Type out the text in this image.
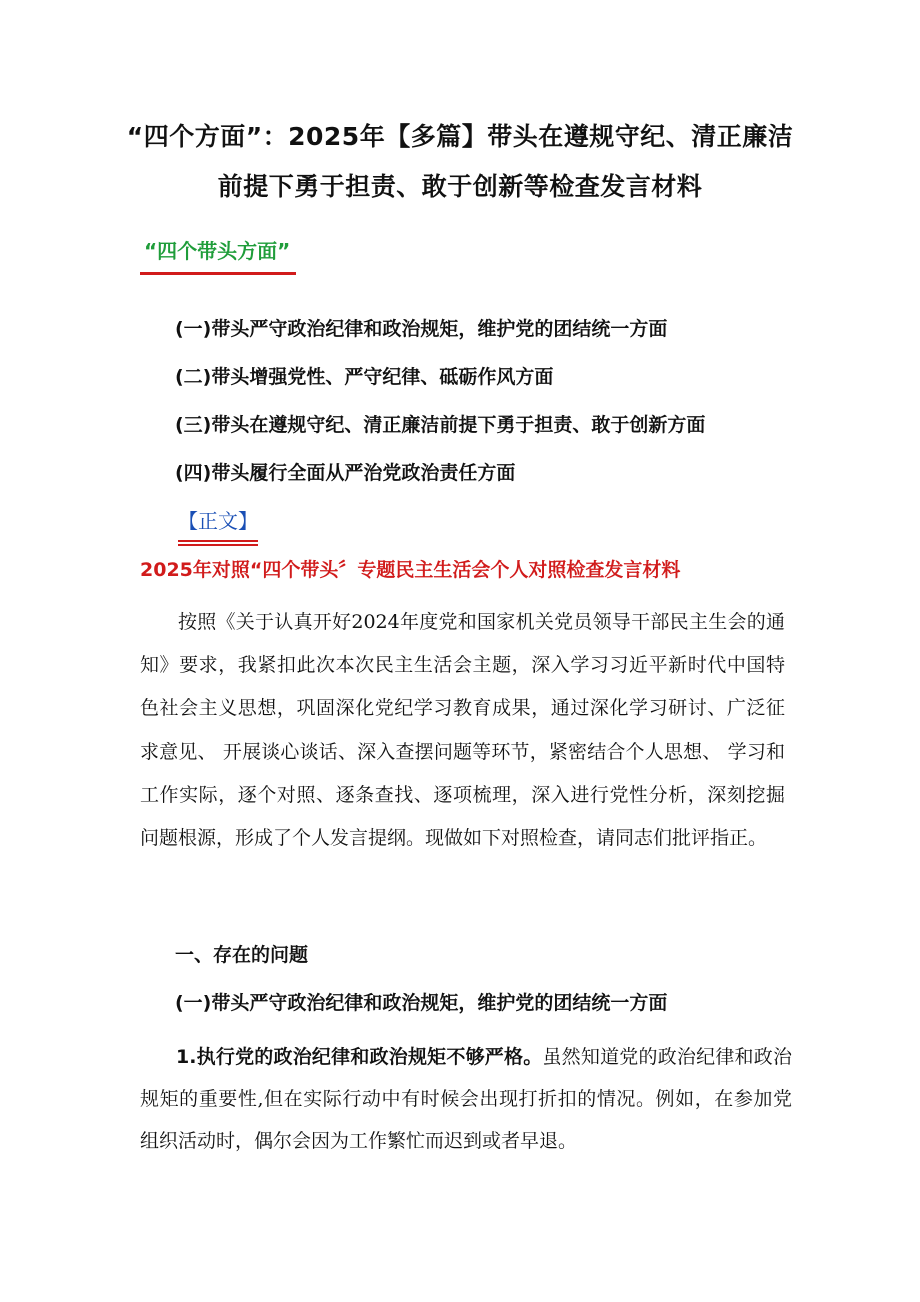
“四个方面”：2025年【多篇】带头在遵规守纪、清正廉洁前提下勇于担责、敢于创新等检查发言材料
“四个带头方面”
(一)带头严守政治纪律和政治规矩，维护党的团结统一方面
(二)带头增强党性、严守纪律、砥砺作风方面
(三)带头在遵规守纪、清正廉洁前提下勇于担责、敢于创新方面
(四)带头履行全面从严治党政治责任方面
【正文】
2025年对照“四个带头〞专题民主生活会个人对照检查发言材料
按照《关于认真开好2024年度党和国家机关党员领导干部民主生会的通知》要求，我紧扣此次本次民主生活会主题，深入学习习近平新时代中国特色社会主义思想，巩固深化党纪学习教育成果，通过深化学习研讨、广泛征求意见、 开展谈心谈话、深入查摆问题等环节，紧密结合个人思想、 学习和工作实际，逐个对照、逐条查找、逐项梳理，深入进行党性分析，深刻挖掘问题根源，形成了个人发言提纲。现做如下对照检查，请同志们批评指正。
一、存在的问题
(一)带头严守政治纪律和政治规矩，维护党的团结统一方面
1.执行党的政治纪律和政治规矩不够严格。虽然知道党的政治纪律和政治规矩的重要性,但在实际行动中有时候会出现打折扣的情况。例如，在参加党组织活动时，偶尔会因为工作繁忙而迟到或者早退。
